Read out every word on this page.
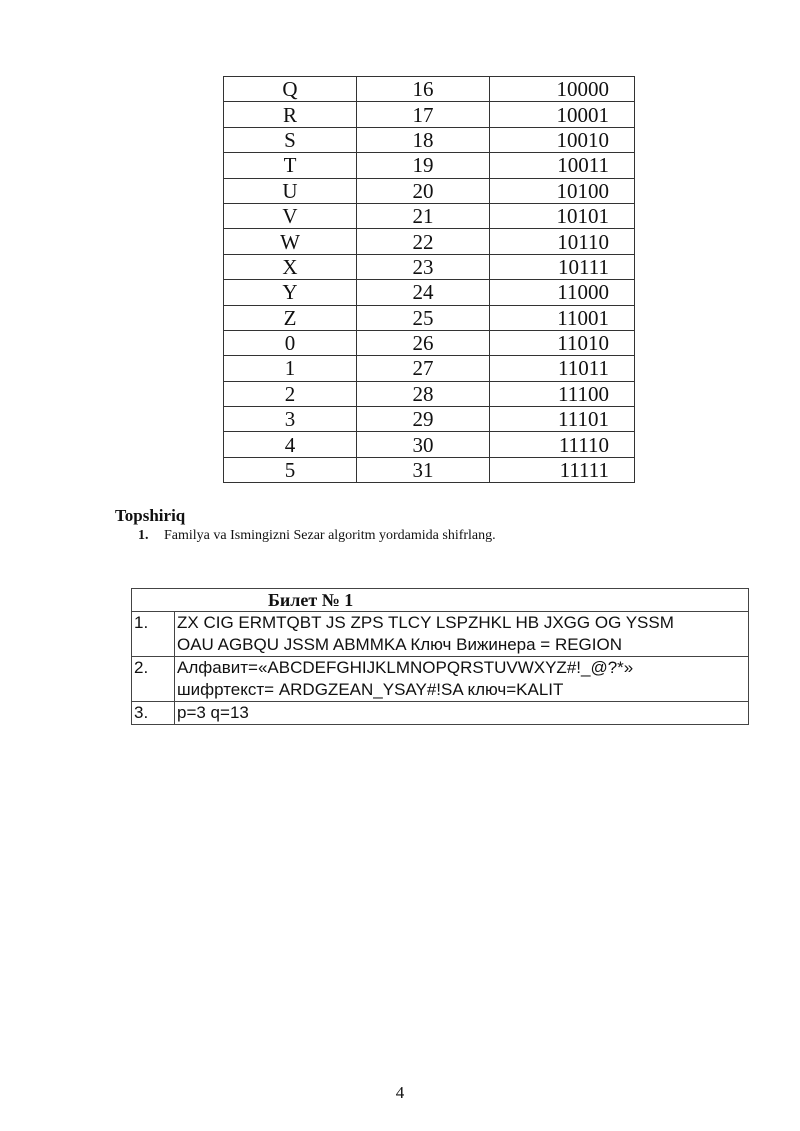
Q	16	10000
R	17	10001
S	18	10010
T	19	10011
U	20	10100
V	21	10101
W	22	10110
X	23	10111
Y	24	11000
Z	25	11001
0	26	11010
1	27	11011
2	28	11100
3	29	11101
4	30	11110
5	31	11111
Topshiriq
1. Familya va Ismingizni Sezar algoritm yordamida shifrlang.
Билет № 1	
1.	ZX CIG ERMTQBT JS ZPS TLCY LSPZHKL HB JXGG OG YSSM
OAU AGBQU JSSM ABMMKA Ключ Вижинера = REGION

2.	Алфавит=«ABCDEFGHIJKLMNOPQRSTUVWXYZ#!_@?*»
шифртекст= ARDGZEAN_YSAY#!SA ключ=KALIT

3.	p=3 q=13
4
